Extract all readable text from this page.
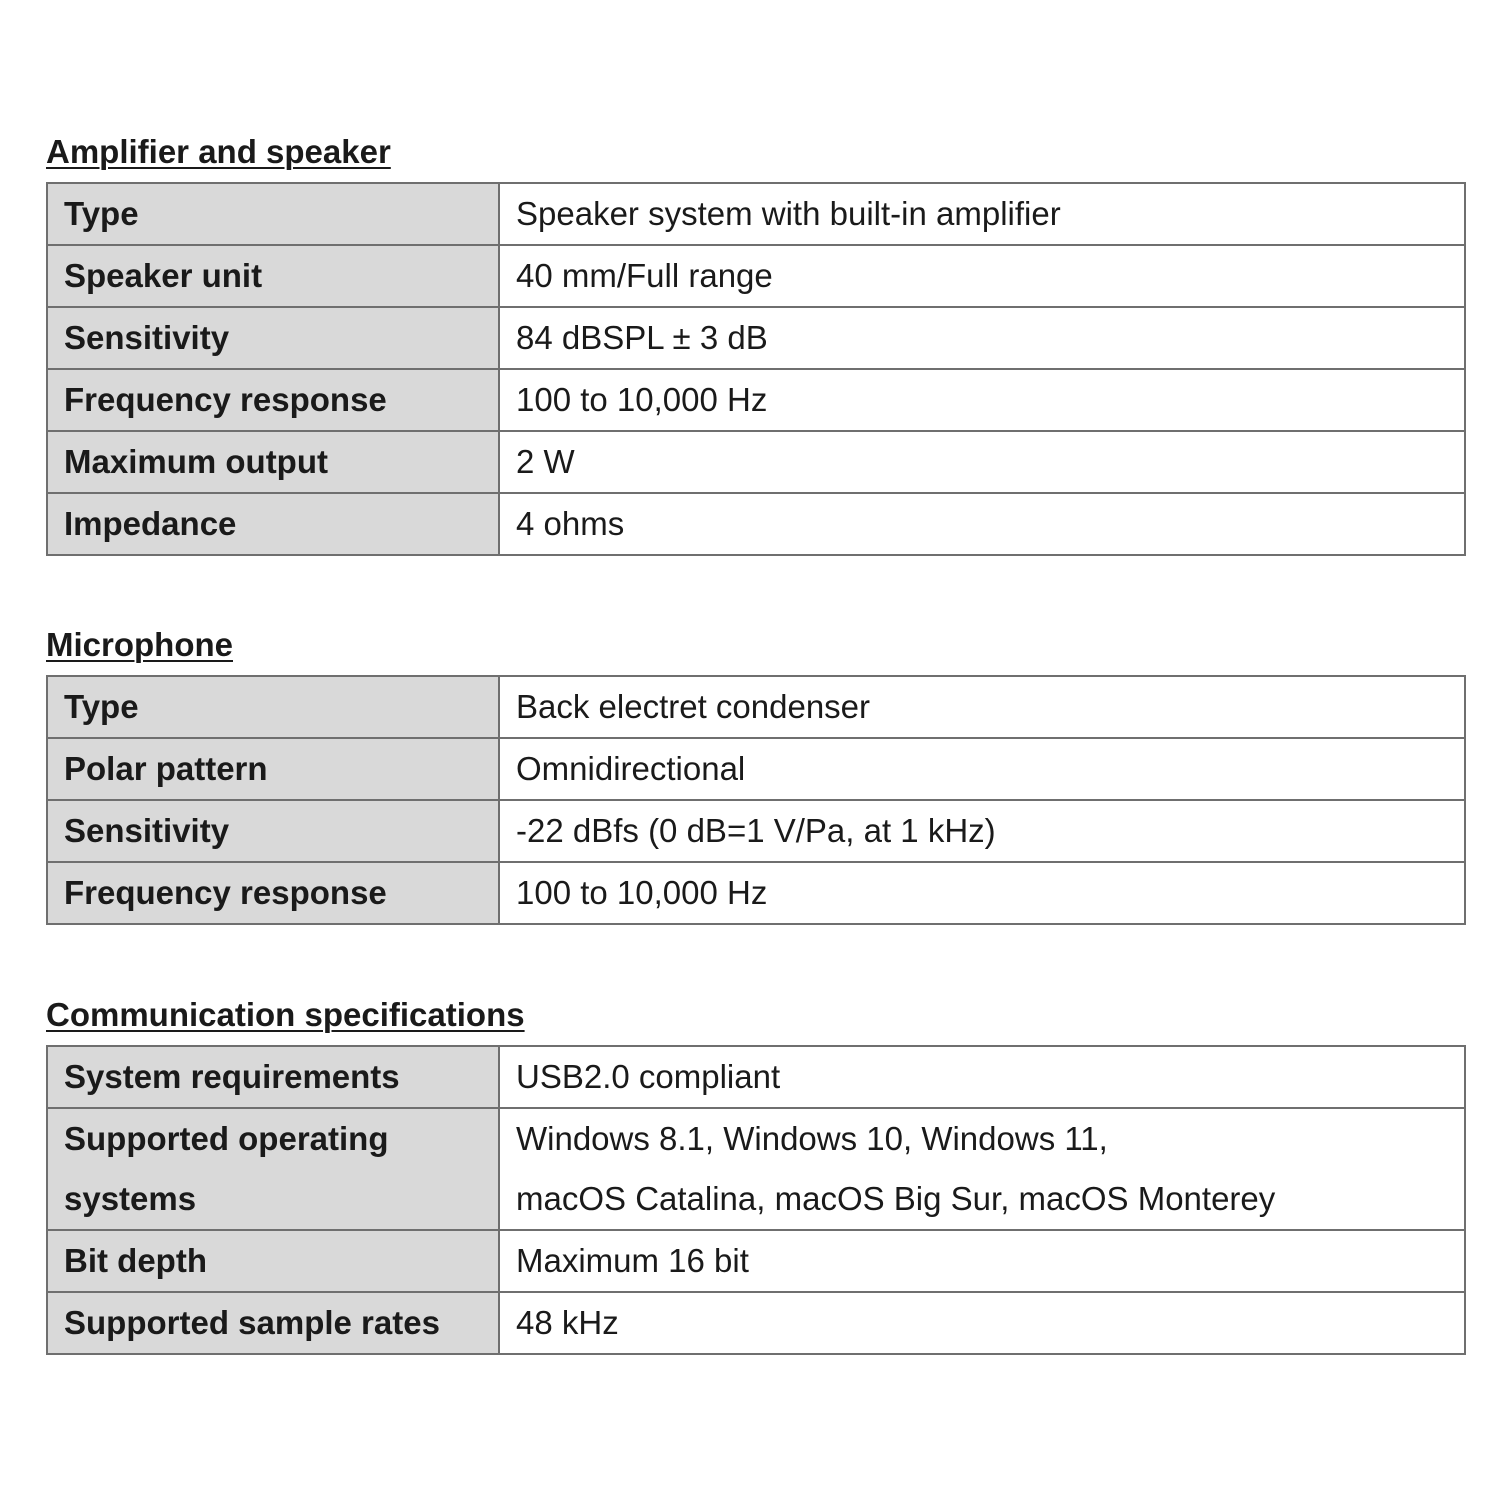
Amplifier and speaker
Type	Speaker system with built-in amplifier
Speaker unit	40 mm/Full range
Sensitivity	84 dBSPL ± 3 dB
Frequency response	100 to 10,000 Hz
Maximum output	2 W
Impedance	4 ohms
Microphone
Type	Back electret condenser
Polar pattern	Omnidirectional
Sensitivity	-22 dBfs (0 dB=1 V/Pa, at 1 kHz)
Frequency response	100 to 10,000 Hz
Communication specifications
System requirements	USB2.0 compliant

Supported operating
systems	Windows 8.1, Windows 10, Windows 11,
macOS Catalina, macOS Big Sur, macOS Monterey

Bit depth	Maximum 16 bit
Supported sample rates	48 kHz
